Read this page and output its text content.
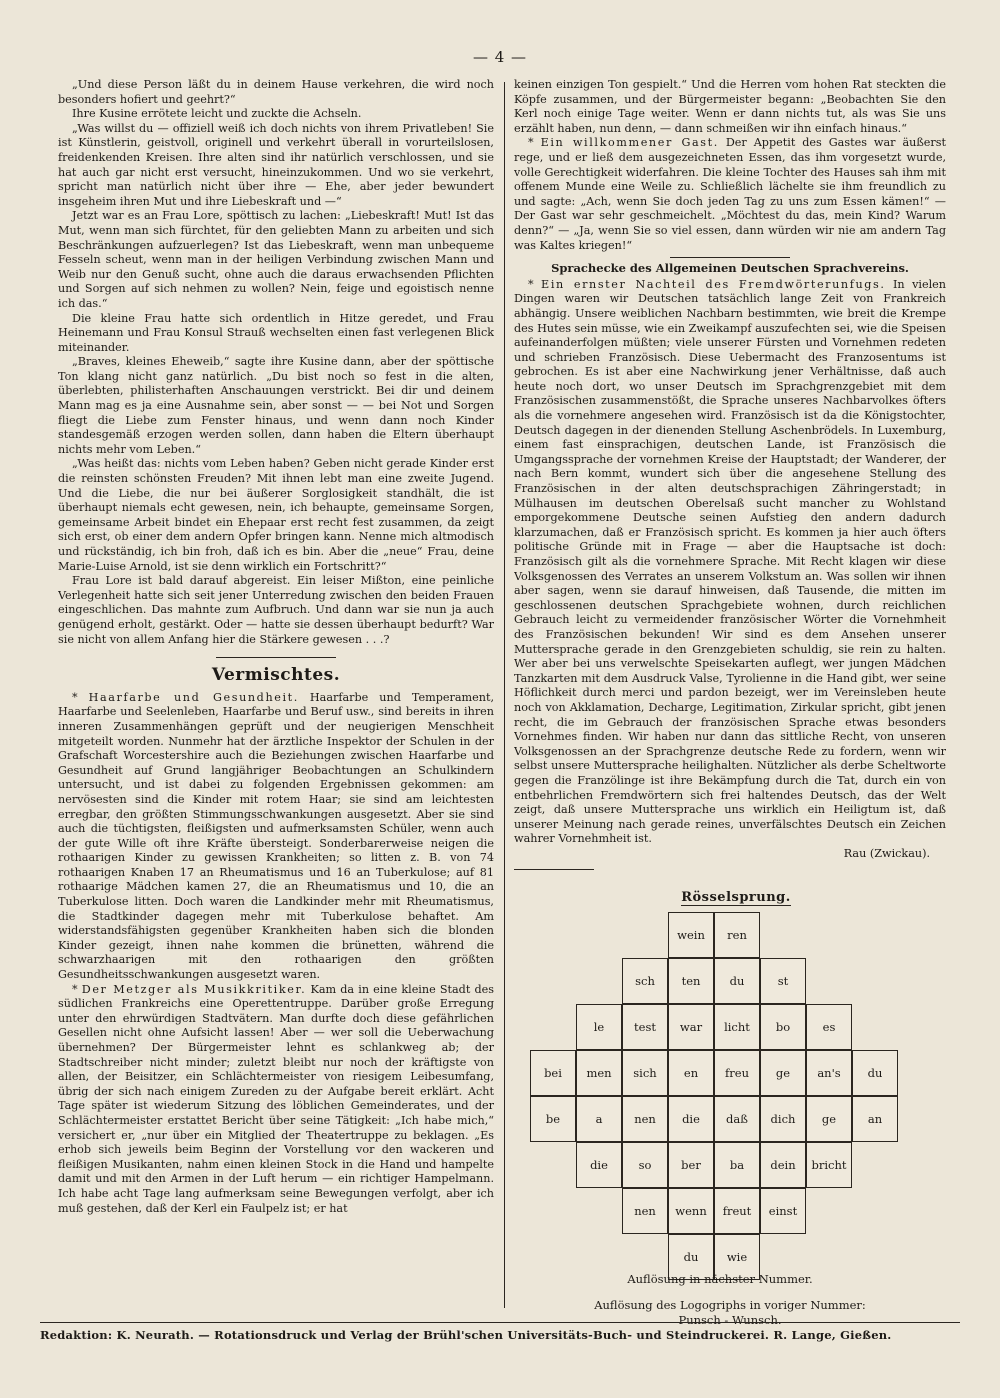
— 4 —

„Und diese Person läßt du in deinem Hause verkehren, die wird noch besonders hofiert und geehrt?“

Ihre Kusine errötete leicht und zuckte die Achseln.

„Was willst du — offiziell weiß ich doch nichts von ihrem Privatleben! Sie ist Künstlerin, geistvoll, originell und verkehrt überall in vorurteilslosen, freidenkenden Kreisen. Ihre alten sind ihr natürlich verschlossen, und sie hat auch gar nicht erst versucht, hineinzukommen. Und wo sie verkehrt, spricht man natürlich nicht über ihre — Ehe, aber jeder bewundert insgeheim ihren Mut und ihre Liebeskraft und —“

Jetzt war es an Frau Lore, spöttisch zu lachen: „Liebeskraft! Mut! Ist das Mut, wenn man sich fürchtet, für den geliebten Mann zu arbeiten und sich Beschränkungen aufzuerlegen? Ist das Liebeskraft, wenn man unbequeme Fesseln scheut, wenn man in der heiligen Verbindung zwischen Mann und Weib nur den Genuß sucht, ohne auch die daraus erwachsenden Pflichten und Sorgen auf sich nehmen zu wollen? Nein, feige und egoistisch nenne ich das.“

Die kleine Frau hatte sich ordentlich in Hitze geredet, und Frau Heinemann und Frau Konsul Strauß wechselten einen fast verlegenen Blick miteinander.

„Braves, kleines Eheweib,“ sagte ihre Kusine dann, aber der spöttische Ton klang nicht ganz natürlich. „Du bist noch so fest in die alten, überlebten, philisterhaften Anschauungen verstrickt. Bei dir und deinem Mann mag es ja eine Ausnahme sein, aber sonst — — bei Not und Sorgen fliegt die Liebe zum Fenster hinaus, und wenn dann noch Kinder standesgemäß erzogen werden sollen, dann haben die Eltern überhaupt nichts mehr vom Leben.“

„Was heißt das: nichts vom Leben haben? Geben nicht gerade Kinder erst die reinsten schönsten Freuden? Mit ihnen lebt man eine zweite Jugend. Und die Liebe, die nur bei äußerer Sorglosigkeit standhält, die ist überhaupt niemals echt gewesen, nein, ich behaupte, gemeinsame Sorgen, gemeinsame Arbeit bindet ein Ehepaar erst recht fest zusammen, da zeigt sich erst, ob einer dem andern Opfer bringen kann. Nenne mich altmodisch und rückständig, ich bin froh, daß ich es bin. Aber die „neue“ Frau, deine Marie-Luise Arnold, ist sie denn wirklich ein Fortschritt?“

Frau Lore ist bald darauf abgereist. Ein leiser Mißton, eine peinliche Verlegenheit hatte sich seit jener Unterredung zwischen den beiden Frauen eingeschlichen. Das mahnte zum Aufbruch. Und dann war sie nun ja auch genügend erholt, gestärkt. Oder — hatte sie dessen überhaupt bedurft? War sie nicht von allem Anfang hier die Stärkere gewesen . . .?

Vermischtes.

* Haarfarbe und Gesundheit. Haarfarbe und Temperament, Haarfarbe und Seelenleben, Haarfarbe und Beruf usw., sind bereits in ihren inneren Zusammenhängen geprüft und der neugierigen Menschheit mitgeteilt worden. Nunmehr hat der ärztliche Inspektor der Schulen in der Grafschaft Worcestershire auch die Beziehungen zwischen Haarfarbe und Gesundheit auf Grund langjähriger Beobachtungen an Schulkindern untersucht, und ist dabei zu folgenden Ergebnissen gekommen: am nervösesten sind die Kinder mit rotem Haar; sie sind am leichtesten erregbar, den größten Stimmungsschwankungen ausgesetzt. Aber sie sind auch die tüchtigsten, fleißigsten und aufmerksamsten Schüler, wenn auch der gute Wille oft ihre Kräfte übersteigt. Sonderbarerweise neigen die rothaarigen Kinder zu gewissen Krankheiten; so litten z. B. von 74 rothaarigen Knaben 17 an Rheumatismus und 16 an Tuberkulose; auf 81 rothaarige Mädchen kamen 27, die an Rheumatismus und 10, die an Tuberkulose litten. Doch waren die Landkinder mehr mit Rheumatismus, die Stadtkinder dagegen mehr mit Tuberkulose behaftet. Am widerstandsfähigsten gegenüber Krankheiten haben sich die blonden Kinder gezeigt, ihnen nahe kommen die brünetten, während die schwarzhaarigen mit den rothaarigen den größten Gesundheitsschwankungen ausgesetzt waren.

* Der Metzger als Musikkritiker. Kam da in eine kleine Stadt des südlichen Frankreichs eine Operettentruppe. Darüber große Erregung unter den ehrwürdigen Stadtvätern. Man durfte doch diese gefährlichen Gesellen nicht ohne Aufsicht lassen! Aber — wer soll die Ueberwachung übernehmen? Der Bürgermeister lehnt es schlankweg ab; der Stadtschreiber nicht minder; zuletzt bleibt nur noch der kräftigste von allen, der Beisitzer, ein Schlächtermeister von riesigem Leibesumfang, übrig der sich nach einigem Zureden zu der Aufgabe bereit erklärt. Acht Tage später ist wiederum Sitzung des löblichen Gemeinderates, und der Schlächtermeister erstattet Bericht über seine Tätigkeit: „Ich habe mich,“ versichert er, „nur über ein Mitglied der Theatertruppe zu beklagen. „Es erhob sich jeweils beim Beginn der Vorstellung vor den wackeren und fleißigen Musikanten, nahm einen kleinen Stock in die Hand und hampelte damit und mit den Armen in der Luft herum — ein richtiger Hampelmann. Ich habe acht Tage lang aufmerksam seine Bewegungen verfolgt, aber ich muß gestehen, daß der Kerl ein Faulpelz ist; er hat

keinen einzigen Ton gespielt.“ Und die Herren vom hohen Rat steckten die Köpfe zusammen, und der Bürgermeister begann: „Beobachten Sie den Kerl noch einige Tage weiter. Wenn er dann nichts tut, als was Sie uns erzählt haben, nun denn, — dann schmeißen wir ihn einfach hinaus.“

* Ein willkommener Gast. Der Appetit des Gastes war äußerst rege, und er ließ dem ausgezeichneten Essen, das ihm vorgesetzt wurde, volle Gerechtigkeit widerfahren. Die kleine Tochter des Hauses sah ihm mit offenem Munde eine Weile zu. Schließlich lächelte sie ihm freundlich zu und sagte: „Ach, wenn Sie doch jeden Tag zu uns zum Essen kämen!“ — Der Gast war sehr geschmeichelt. „Möchtest du das, mein Kind? Warum denn?“ — „Ja, wenn Sie so viel essen, dann würden wir nie am andern Tag was Kaltes kriegen!“

Sprachecke des Allgemeinen Deutschen Sprachvereins.

* Ein ernster Nachteil des Fremdwörterunfugs. In vielen Dingen waren wir Deutschen tatsächlich lange Zeit von Frankreich abhängig. Unsere weiblichen Nachbarn bestimmten, wie breit die Krempe des Hutes sein müsse, wie ein Zweikampf auszufechten sei, wie die Speisen aufeinanderfolgen müßten; viele unserer Fürsten und Vornehmen redeten und schrieben Französisch. Diese Uebermacht des Franzosentums ist gebrochen. Es ist aber eine Nachwirkung jener Verhältnisse, daß auch heute noch dort, wo unser Deutsch im Sprachgrenzgebiet mit dem Französischen zusammenstößt, die Sprache unseres Nachbarvolkes öfters als die vornehmere angesehen wird. Französisch ist da die Königstochter, Deutsch dagegen in der dienenden Stellung Aschenbrödels. In Luxemburg, einem fast einsprachigen, deutschen Lande, ist Französisch die Umgangssprache der vornehmen Kreise der Hauptstadt; der Wanderer, der nach Bern kommt, wundert sich über die angesehene Stellung des Französischen in der alten deutschsprachigen Zähringerstadt; in Mülhausen im deutschen Oberelsaß sucht mancher zu Wohlstand emporgekommene Deutsche seinen Aufstieg den andern dadurch klarzumachen, daß er Französisch spricht. Es kommen ja hier auch öfters politische Gründe mit in Frage — aber die Hauptsache ist doch: Französisch gilt als die vornehmere Sprache. Mit Recht klagen wir diese Volksgenossen des Verrates an unserem Volkstum an. Was sollen wir ihnen aber sagen, wenn sie darauf hinweisen, daß Tausende, die mitten im geschlossenen deutschen Sprachgebiete wohnen, durch reichlichen Gebrauch leicht zu vermeidender französischer Wörter die Vornehmheit des Französischen bekunden! Wir sind es dem Ansehen unserer Muttersprache gerade in den Grenzgebieten schuldig, sie rein zu halten. Wer aber bei uns verwelschte Speisekarten auflegt, wer jungen Mädchen Tanzkarten mit dem Ausdruck Valse, Tyrolienne in die Hand gibt, wer seine Höflichkeit durch merci und pardon bezeigt, wer im Vereinsleben heute noch von Akklamation, Decharge, Legitimation, Zirkular spricht, gibt jenen recht, die im Gebrauch der französischen Sprache etwas besonders Vornehmes finden. Wir haben nur dann das sittliche Recht, von unseren Volksgenossen an der Sprachgrenze deutsche Rede zu fordern, wenn wir selbst unsere Muttersprache heilighalten. Nützlicher als derbe Scheltworte gegen die Franzölinge ist ihre Bekämpfung durch die Tat, durch ein von entbehrlichen Fremdwörtern sich frei haltendes Deutsch, das der Welt zeigt, daß unsere Muttersprache uns wirklich ein Heiligtum ist, daß unserer Meinung nach gerade reines, unverfälschtes Deutsch ein Zeichen wahrer Vornehmheit ist.

Rau (Zwickau).
Rösselsprung.
wein	ren
sch	ten	du	st
le	test	war	licht	bo	es
bei	men	sich	en	freu	ge	an's	du
be	a	nen	die	daß	dich	ge	an
die	so	ber	ba	dein	bricht
nen	wenn	freut	einst
du	wie
Auflösung in nächster Nummer.
Auflösung des Logogriphs in voriger Nummer:
Punsch - Wunsch.
Redaktion: K. Neurath. — Rotationsdruck und Verlag der Brühl'schen Universitäts-Buch- und Steindruckerei. R. Lange, Gießen.
